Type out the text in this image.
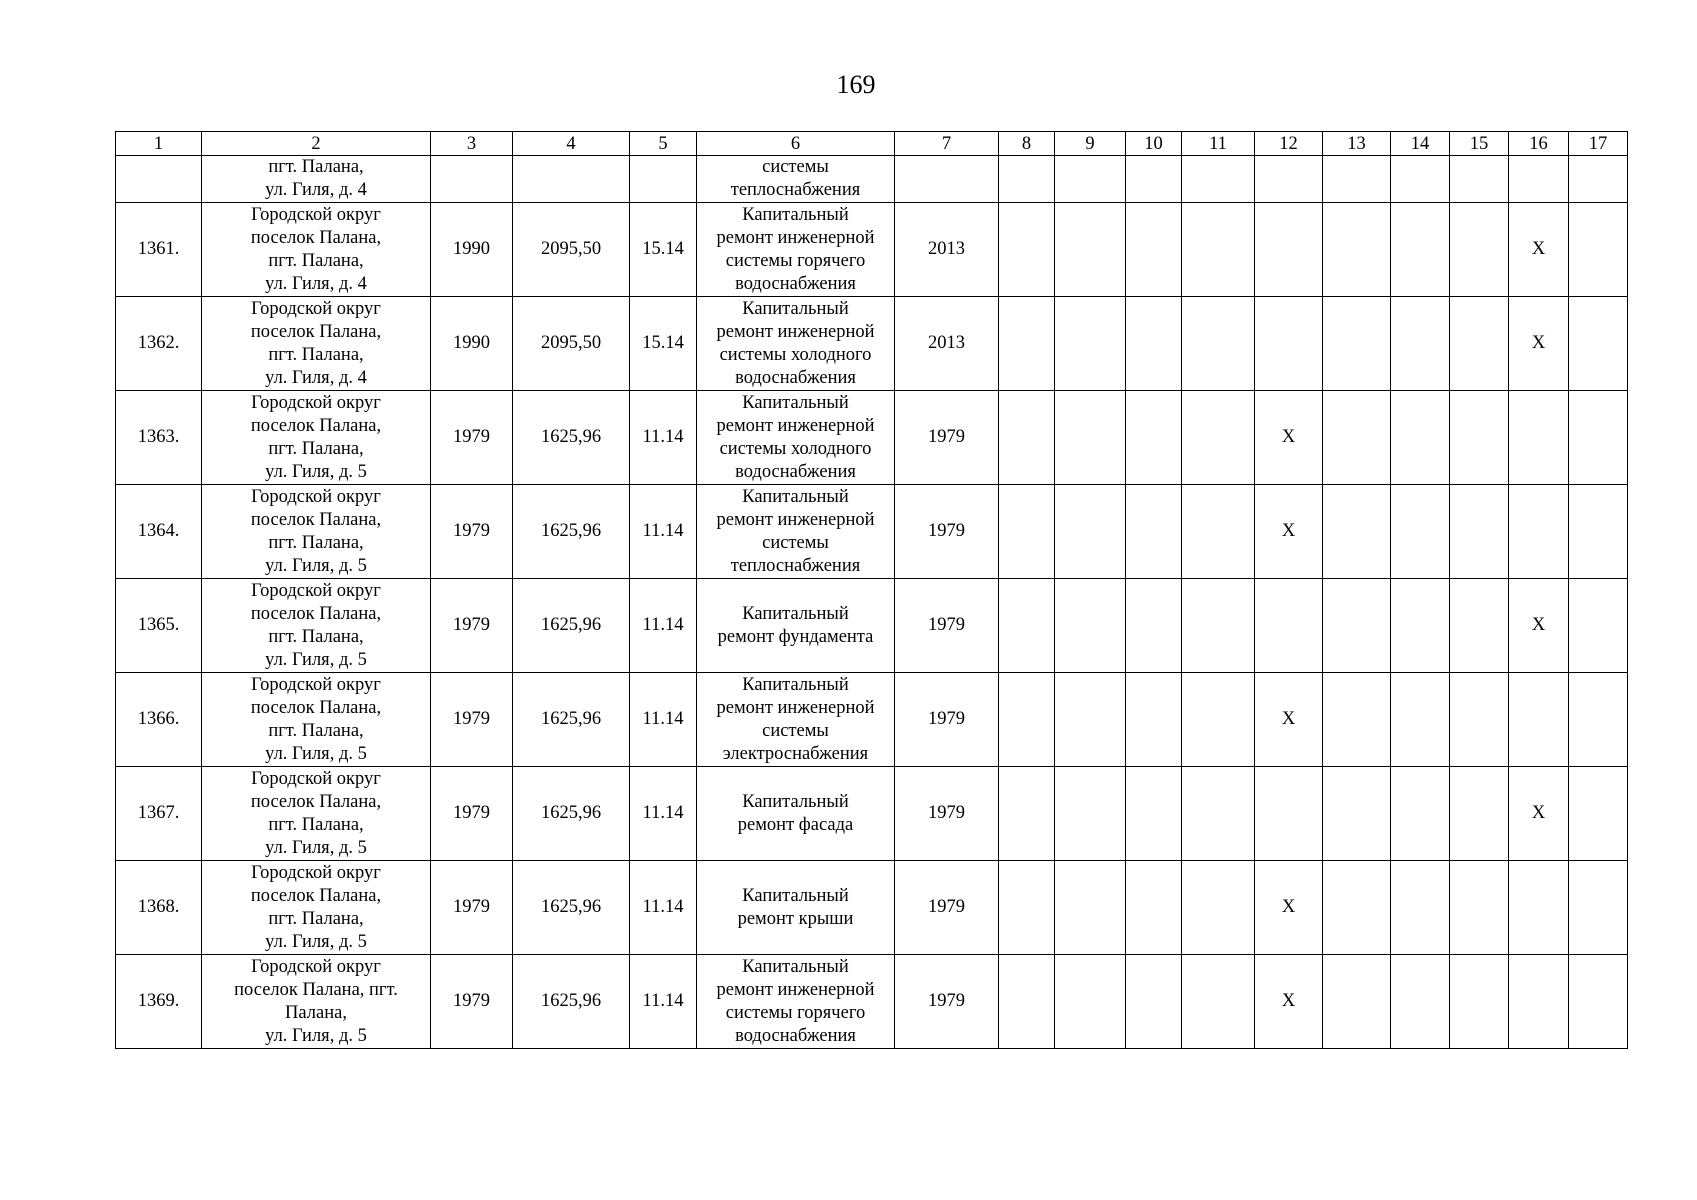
169
1	2	3	4	5	6	7	8	9	10	11	12	13	14	15	16	17
	пгт. Палана,
ул. Гиля, д. 4				системы
теплоснабжения											
1361.	Городской округ
поселок Палана,
пгт. Палана,
ул. Гиля, д. 4	1990	2095,50	15.14	Капитальный
ремонт инженерной
системы горячего
водоснабжения	2013									X	
1362.	Городской округ
поселок Палана,
пгт. Палана,
ул. Гиля, д. 4	1990	2095,50	15.14	Капитальный
ремонт инженерной
системы холодного
водоснабжения	2013									X	
1363.	Городской округ
поселок Палана,
пгт. Палана,
ул. Гиля, д. 5	1979	1625,96	11.14	Капитальный
ремонт инженерной
системы холодного
водоснабжения	1979					X					
1364.	Городской округ
поселок Палана,
пгт. Палана,
ул. Гиля, д. 5	1979	1625,96	11.14	Капитальный
ремонт инженерной
системы
теплоснабжения	1979					X					
1365.	Городской округ
поселок Палана,
пгт. Палана,
ул. Гиля, д. 5	1979	1625,96	11.14	Капитальный
ремонт фундамента	1979									X	
1366.	Городской округ
поселок Палана,
пгт. Палана,
ул. Гиля, д. 5	1979	1625,96	11.14	Капитальный
ремонт инженерной
системы
электроснабжения	1979					X					
1367.	Городской округ
поселок Палана,
пгт. Палана,
ул. Гиля, д. 5	1979	1625,96	11.14	Капитальный
ремонт фасада	1979									X	
1368.	Городской округ
поселок Палана,
пгт. Палана,
ул. Гиля, д. 5	1979	1625,96	11.14	Капитальный
ремонт крыши	1979					X					
1369.	Городской округ
поселок Палана, пгт.
Палана,
ул. Гиля, д. 5	1979	1625,96	11.14	Капитальный
ремонт инженерной
системы горячего
водоснабжения	1979					X					
